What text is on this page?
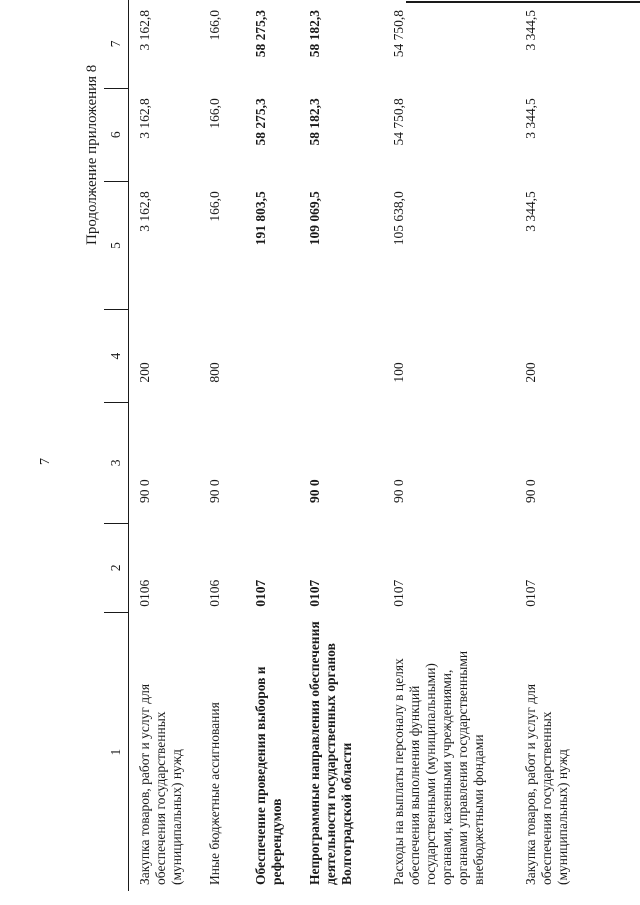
7
Продолжение приложения 8
1	2	3	4	5	6	7
Закупка товаров, работ и услуг для обеспечения государственных (муниципальных) нужд	0106	90 0	200	3 162,8	3 162,8	3 162,8
Иные бюджетные ассигнования	0106	90 0	800	166,0	166,0	166,0
Обеспечение проведения выборов и референдумов	0107			191 803,5	58 275,3	58 275,3
Непрограммные направления обеспечения деятельности государственных органов Волгоградской области	0107	90 0		109 069,5	58 182,3	58 182,3
Расходы на выплаты персоналу в целях обеспечения выполнения функций государственными (муниципальными) органами, казенными учреждениями, органами управления государственными внебюджетными фондами	0107	90 0	100	105 638,0	54 750,8	54 750,8
Закупка товаров, работ и услуг для обеспечения государственных (муниципальных) нужд	0107	90 0	200	3 344,5	3 344,5	3 344,5
